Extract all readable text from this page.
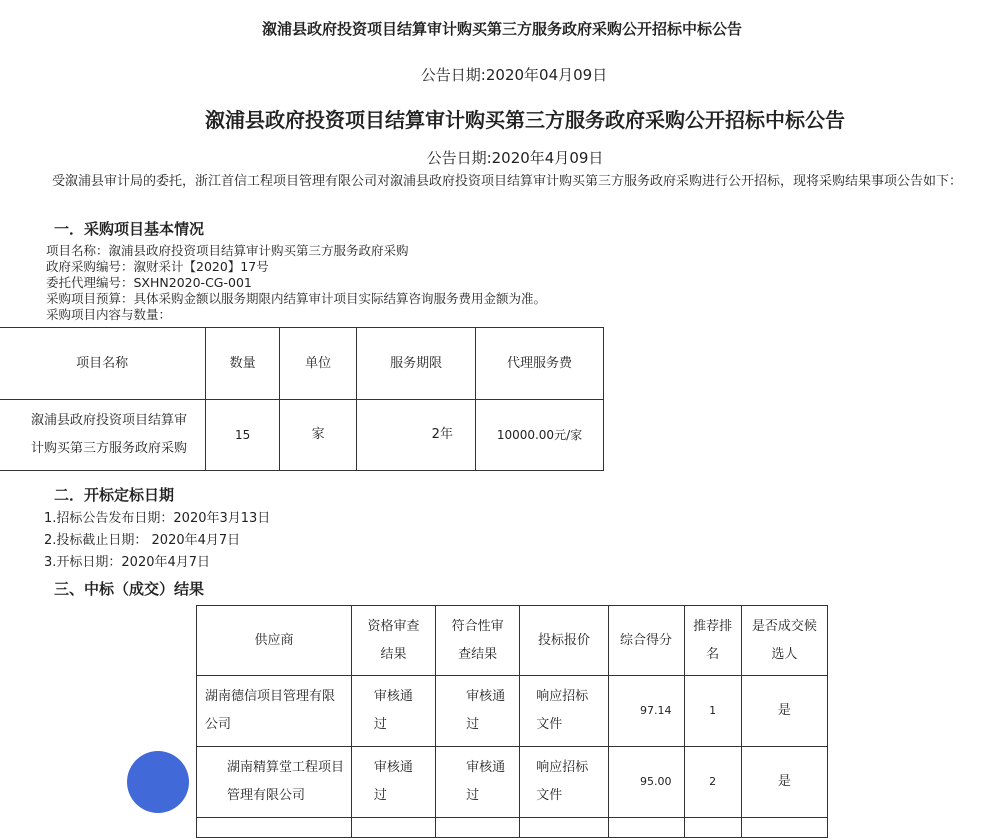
溆浦县政府投资项目结算审计购买第三方服务政府采购公开招标中标公告
公告日期:2020年04月09日
溆浦县政府投资项目结算审计购买第三方服务政府采购公开招标中标公告
公告日期:2020年4月09日
受溆浦县审计局的委托，浙江首信工程项目管理有限公司对溆浦县政府投资项目结算审计购买第三方服务政府采购进行公开招标，现将采购结果事项公告如下：
一．采购项目基本情况
项目名称：溆浦县政府投资项目结算审计购买第三方服务政府采购
政府采购编号：溆财采计【2020】17号
委托代理编号：SXHN2020-CG-001
采购项目预算：具体采购金额以服务期限内结算审计项目实际结算咨询服务费用金额为准。
采购项目内容与数量：
项目名称	数量	单位	服务期限	代理服务费
溆浦县政府投资项目结算审计购买第三方服务政府采购	15	家	2年	10000.00元/家
二．开标定标日期
1.招标公告发布日期：2020年3月13日
2.投标截止日期： 2020年4月7日
3.开标日期：2020年4月7日
三、中标（成交）结果
供应商	资格审查结果	符合性审查结果	投标报价	综合得分	推荐排名	是否成交候选人
湖南德信项目管理有限公司	审核通过	审核通过	响应招标文件	97.14	1	是
湖南精算堂工程项目管理有限公司	审核通过	审核通过	响应招标文件	95.00	2	是
